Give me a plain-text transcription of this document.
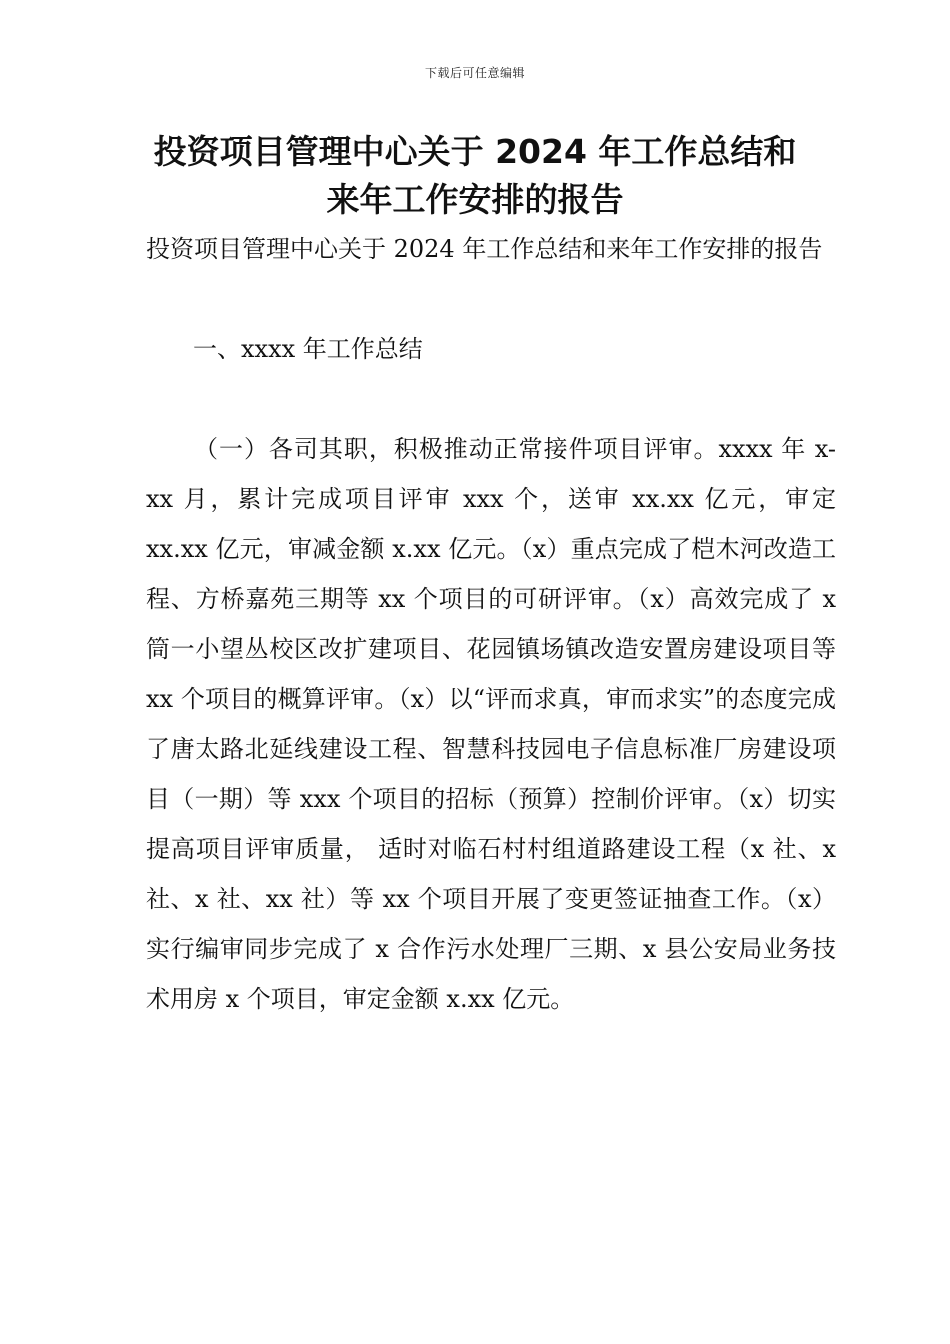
下载后可任意编辑
投资项目管理中心关于 2024 年工作总结和
来年工作安排的报告

投资项目管理中心关于 2024 年工作总结和来年工作安排的报告

一、xxxx 年工作总结

（一）各司其职，积极推动正常接件项目评审。xxxx 年 x-xx 月，累计完成项目评审 xxx 个，送审 xx.xx 亿元，审定 xx.xx 亿元，审减金额 x.xx 亿元。（x）重点完成了桤木河改造工程、方桥嘉苑三期等 xx 个项目的可研评审。（x）高效完成了 x 筒一小望丛校区改扩建项目、花园镇场镇改造安置房建设项目等 xx 个项目的概算评审。（x）以“评而求真，审而求实”的态度完成了唐太路北延线建设工程、智慧科技园电子信息标准厂房建设项目（一期）等 xxx 个项目的招标（预算）控制价评审。（x）切实提高项目评审质量， 适时对临石村村组道路建设工程（x 社、x 社、x 社、xx 社）等 xx 个项目开展了变更签证抽查工作。（x）实行编审同步完成了 x 合作污水处理厂三期、x 县公安局业务技术用房 x 个项目，审定金额 x.xx 亿元。
